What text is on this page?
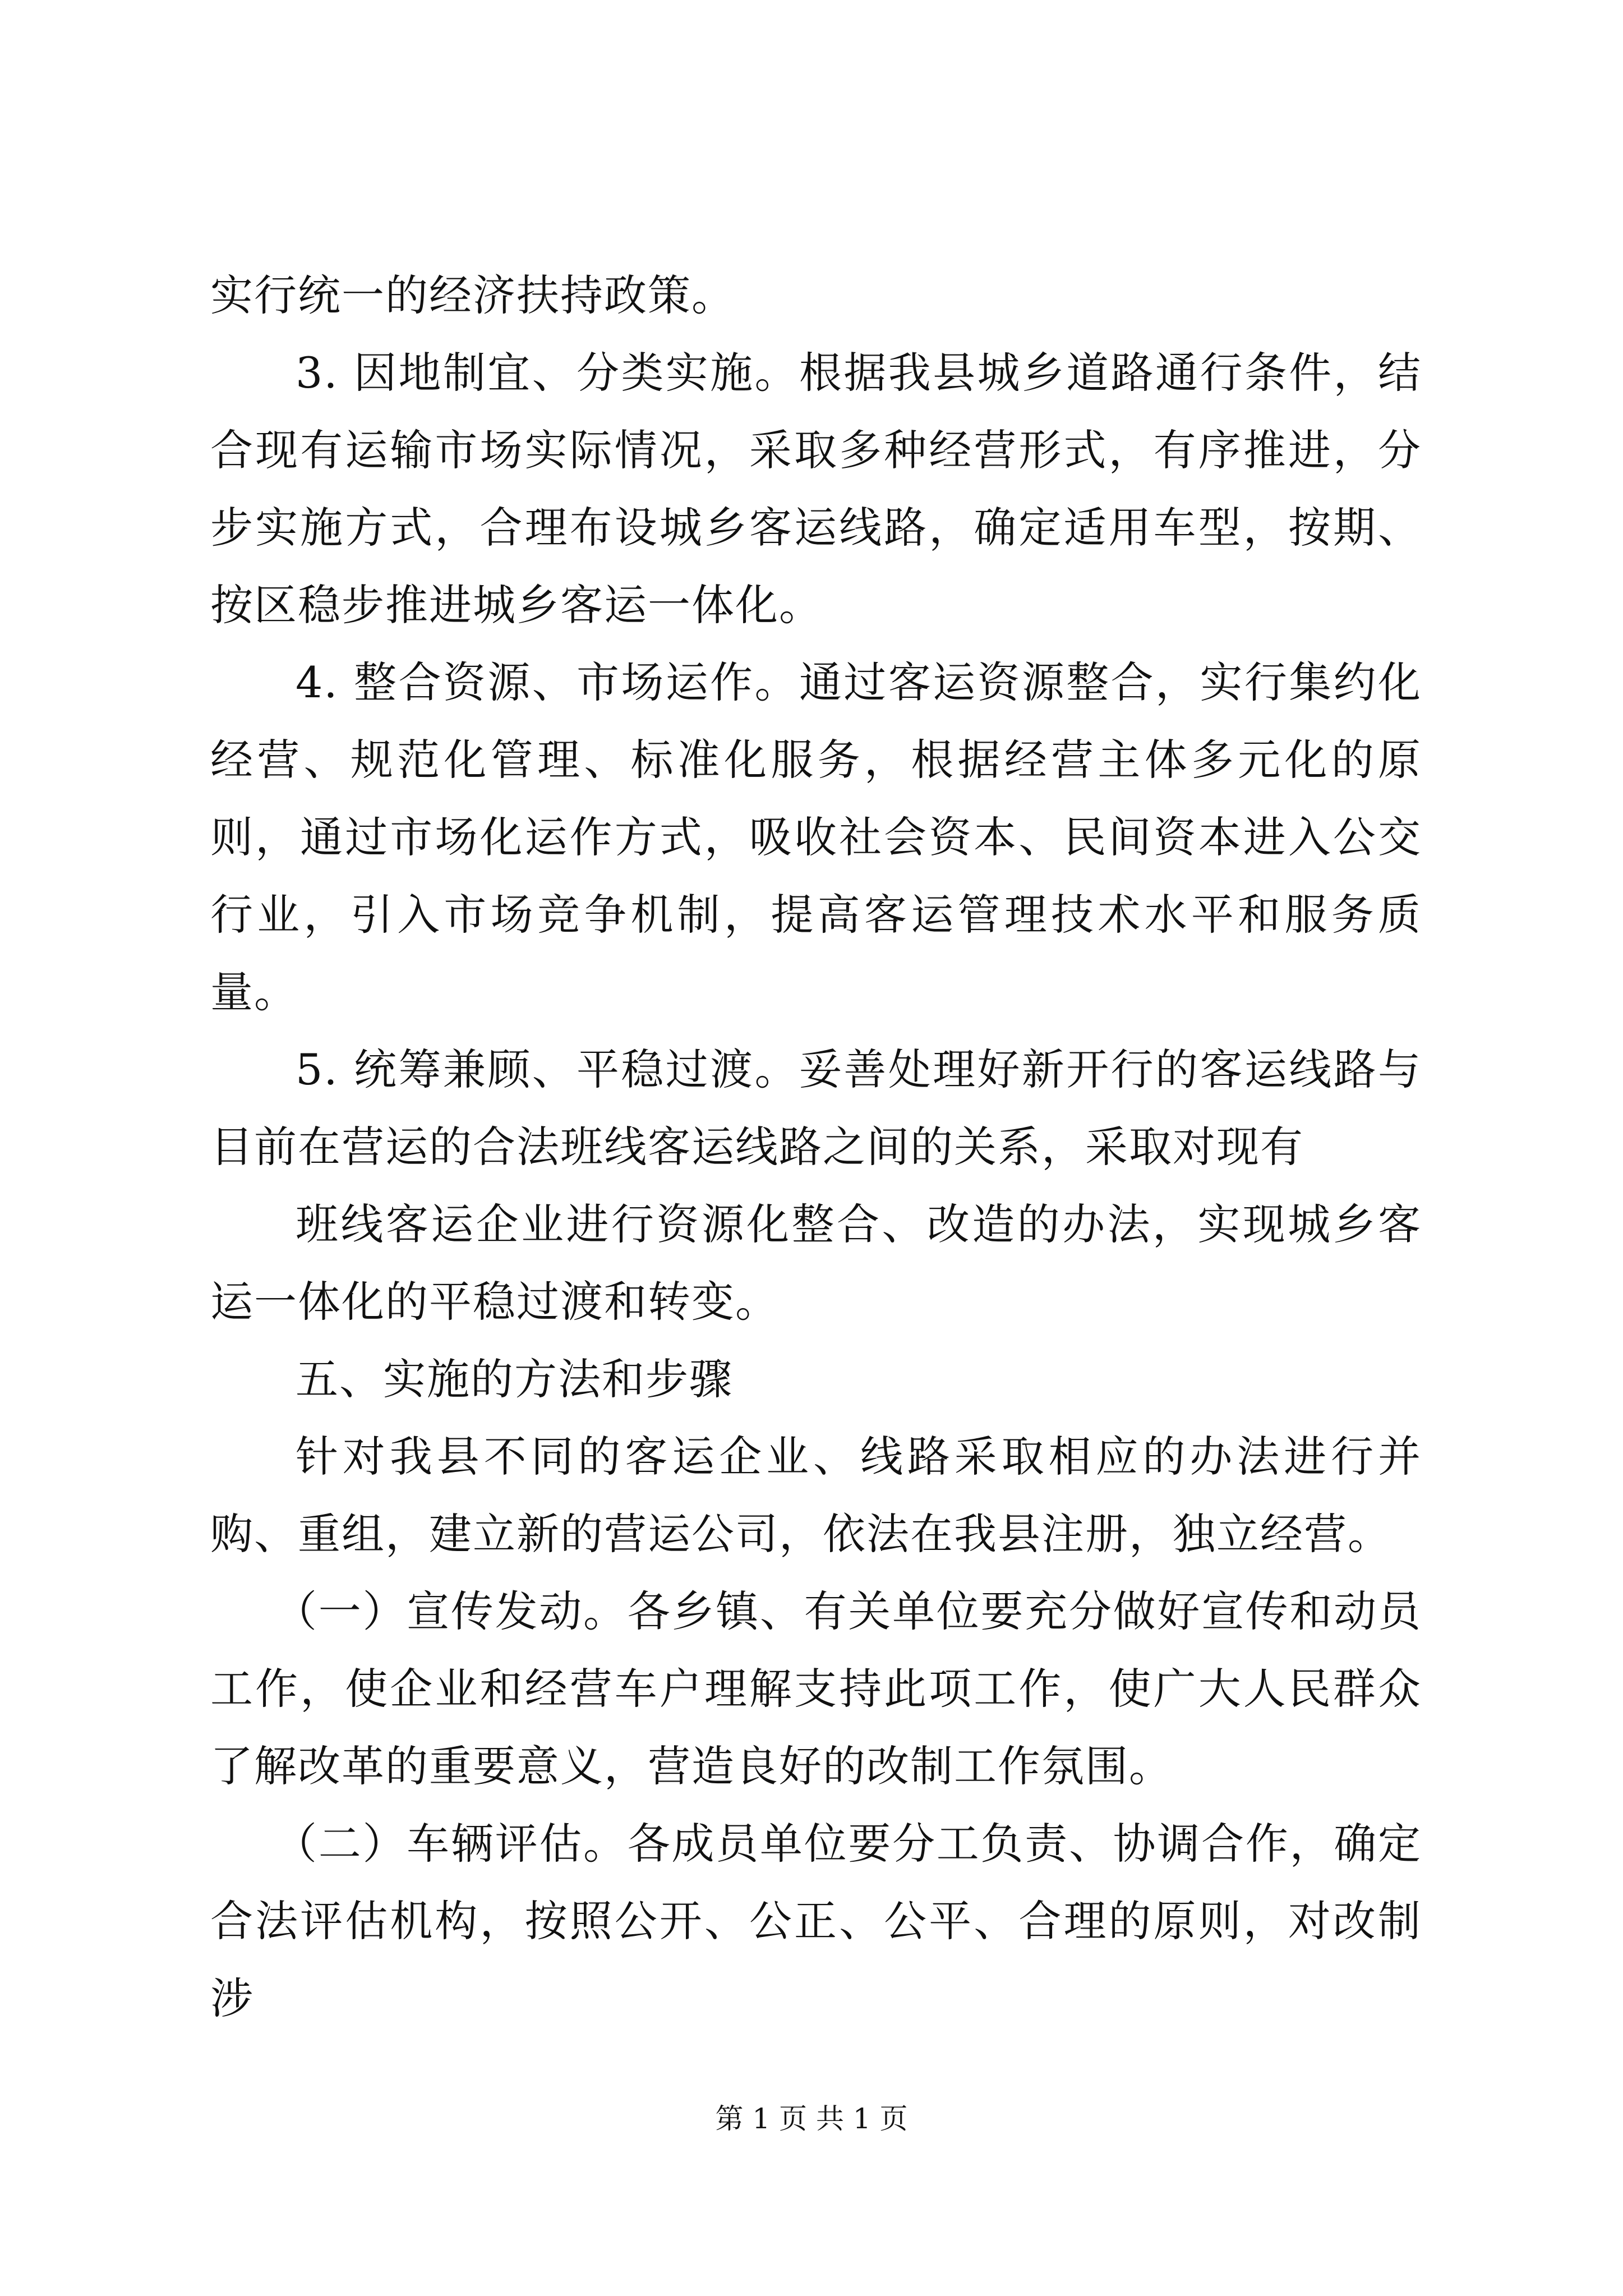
实行统一的经济扶持政策。

3. 因地制宜、分类实施。根据我县城乡道路通行条件，结合现有运输市场实际情况，采取多种经营形式，有序推进，分步实施方式，合理布设城乡客运线路，确定适用车型，按期、按区稳步推进城乡客运一体化。

4. 整合资源、市场运作。通过客运资源整合，实行集约化经营、规范化管理、标准化服务，根据经营主体多元化的原则，通过市场化运作方式，吸收社会资本、民间资本进入公交行业，引入市场竞争机制，提高客运管理技术水平和服务质量。

5. 统筹兼顾、平稳过渡。妥善处理好新开行的客运线路与目前在营运的合法班线客运线路之间的关系，采取对现有

班线客运企业进行资源化整合、改造的办法，实现城乡客运一体化的平稳过渡和转变。

五、实施的方法和步骤

针对我县不同的客运企业、线路采取相应的办法进行并购、重组，建立新的营运公司，依法在我县注册，独立经营。

（一）宣传发动。各乡镇、有关单位要充分做好宣传和动员工作，使企业和经营车户理解支持此项工作，使广大人民群众了解改革的重要意义，营造良好的改制工作氛围。

（二）车辆评估。各成员单位要分工负责、协调合作，确定合法评估机构，按照公开、公正、公平、合理的原则，对改制涉

第 1 页 共 1 页
